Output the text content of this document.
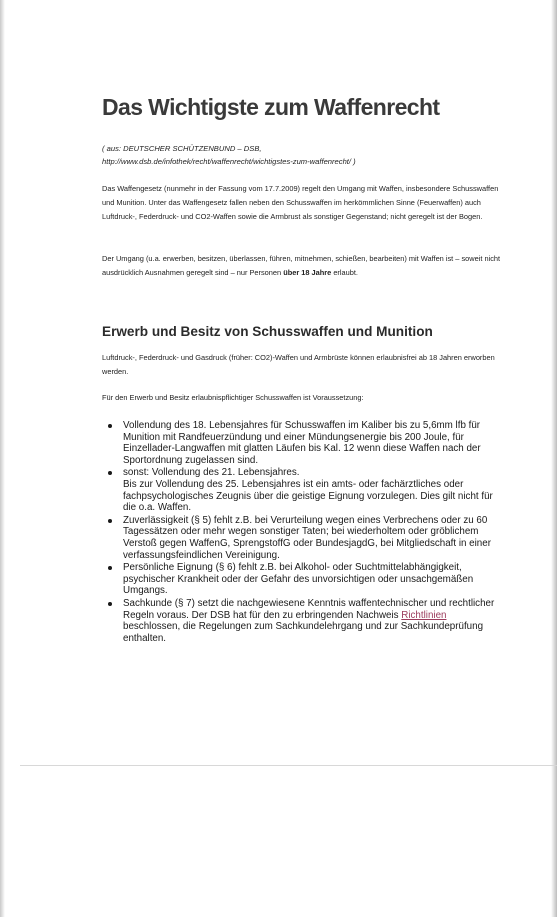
Das Wichtigste zum Waffenrecht
( aus: DEUTSCHER SCHÜTZENBUND – DSB,
http://www.dsb.de/infothek/recht/waffenrecht/wichtigstes-zum-waffenrecht/ )

Das Waffengesetz (nunmehr in der Fassung vom 17.7.2009) regelt den Umgang mit Waffen, insbesondere Schusswaffen und Munition. Unter das Waffengesetz fallen neben den Schusswaffen im herkömmlichen Sinne (Feuerwaffen) auch Luftdruck-, Federdruck- und CO2-Waffen sowie die Armbrust als sonstiger Gegenstand; nicht geregelt ist der Bogen.

Der Umgang (u.a. erwerben, besitzen, überlassen, führen, mitnehmen, schießen, bearbeiten) mit Waffen ist – soweit nicht ausdrücklich Ausnahmen geregelt sind – nur Personen über 18 Jahre erlaubt.

Erwerb und Besitz von Schusswaffen und Munition

Luftdruck-, Federdruck- und Gasdruck (früher: CO2)-Waffen und Armbrüste können erlaubnisfrei ab 18 Jahren erworben werden.

Für den Erwerb und Besitz erlaubnispflichtiger Schusswaffen ist Voraussetzung:

Vollendung des 18. Lebensjahres für Schusswaffen im Kaliber bis zu 5,6mm lfb für Munition mit Randfeuerzündung und einer Mündungsenergie bis 200 Joule, für Einzellader-Langwaffen mit glatten Läufen bis Kal. 12 wenn diese Waffen nach der Sportordnung zugelassen sind.
sonst: Vollendung des 21. Lebensjahres.
Bis zur Vollendung des 25. Lebensjahres ist ein amts- oder fachärztliches oder fachpsychologisches Zeugnis über die geistige Eignung vorzulegen. Dies gilt nicht für die o.a. Waffen.
Zuverlässigkeit (§ 5) fehlt z.B. bei Verurteilung wegen eines Verbrechens oder zu 60 Tagessätzen oder mehr wegen sonstiger Taten; bei wiederholtem oder gröblichem Verstoß gegen WaffenG, SprengstoffG oder BundesjagdG, bei Mitgliedschaft in einer verfassungsfeindlichen Vereinigung.
Persönliche Eignung (§ 6) fehlt z.B. bei Alkohol- oder Suchtmittelabhängigkeit, psychischer Krankheit oder der Gefahr des unvorsichtigen oder unsachgemäßen Umgangs.
Sachkunde (§ 7) setzt die nachgewiesene Kenntnis waffentechnischer und rechtlicher Regeln voraus. Der DSB hat für den zu erbringenden Nachweis Richtlinien beschlossen, die Regelungen zum Sachkundelehrgang und zur Sachkundeprüfung enthalten.
